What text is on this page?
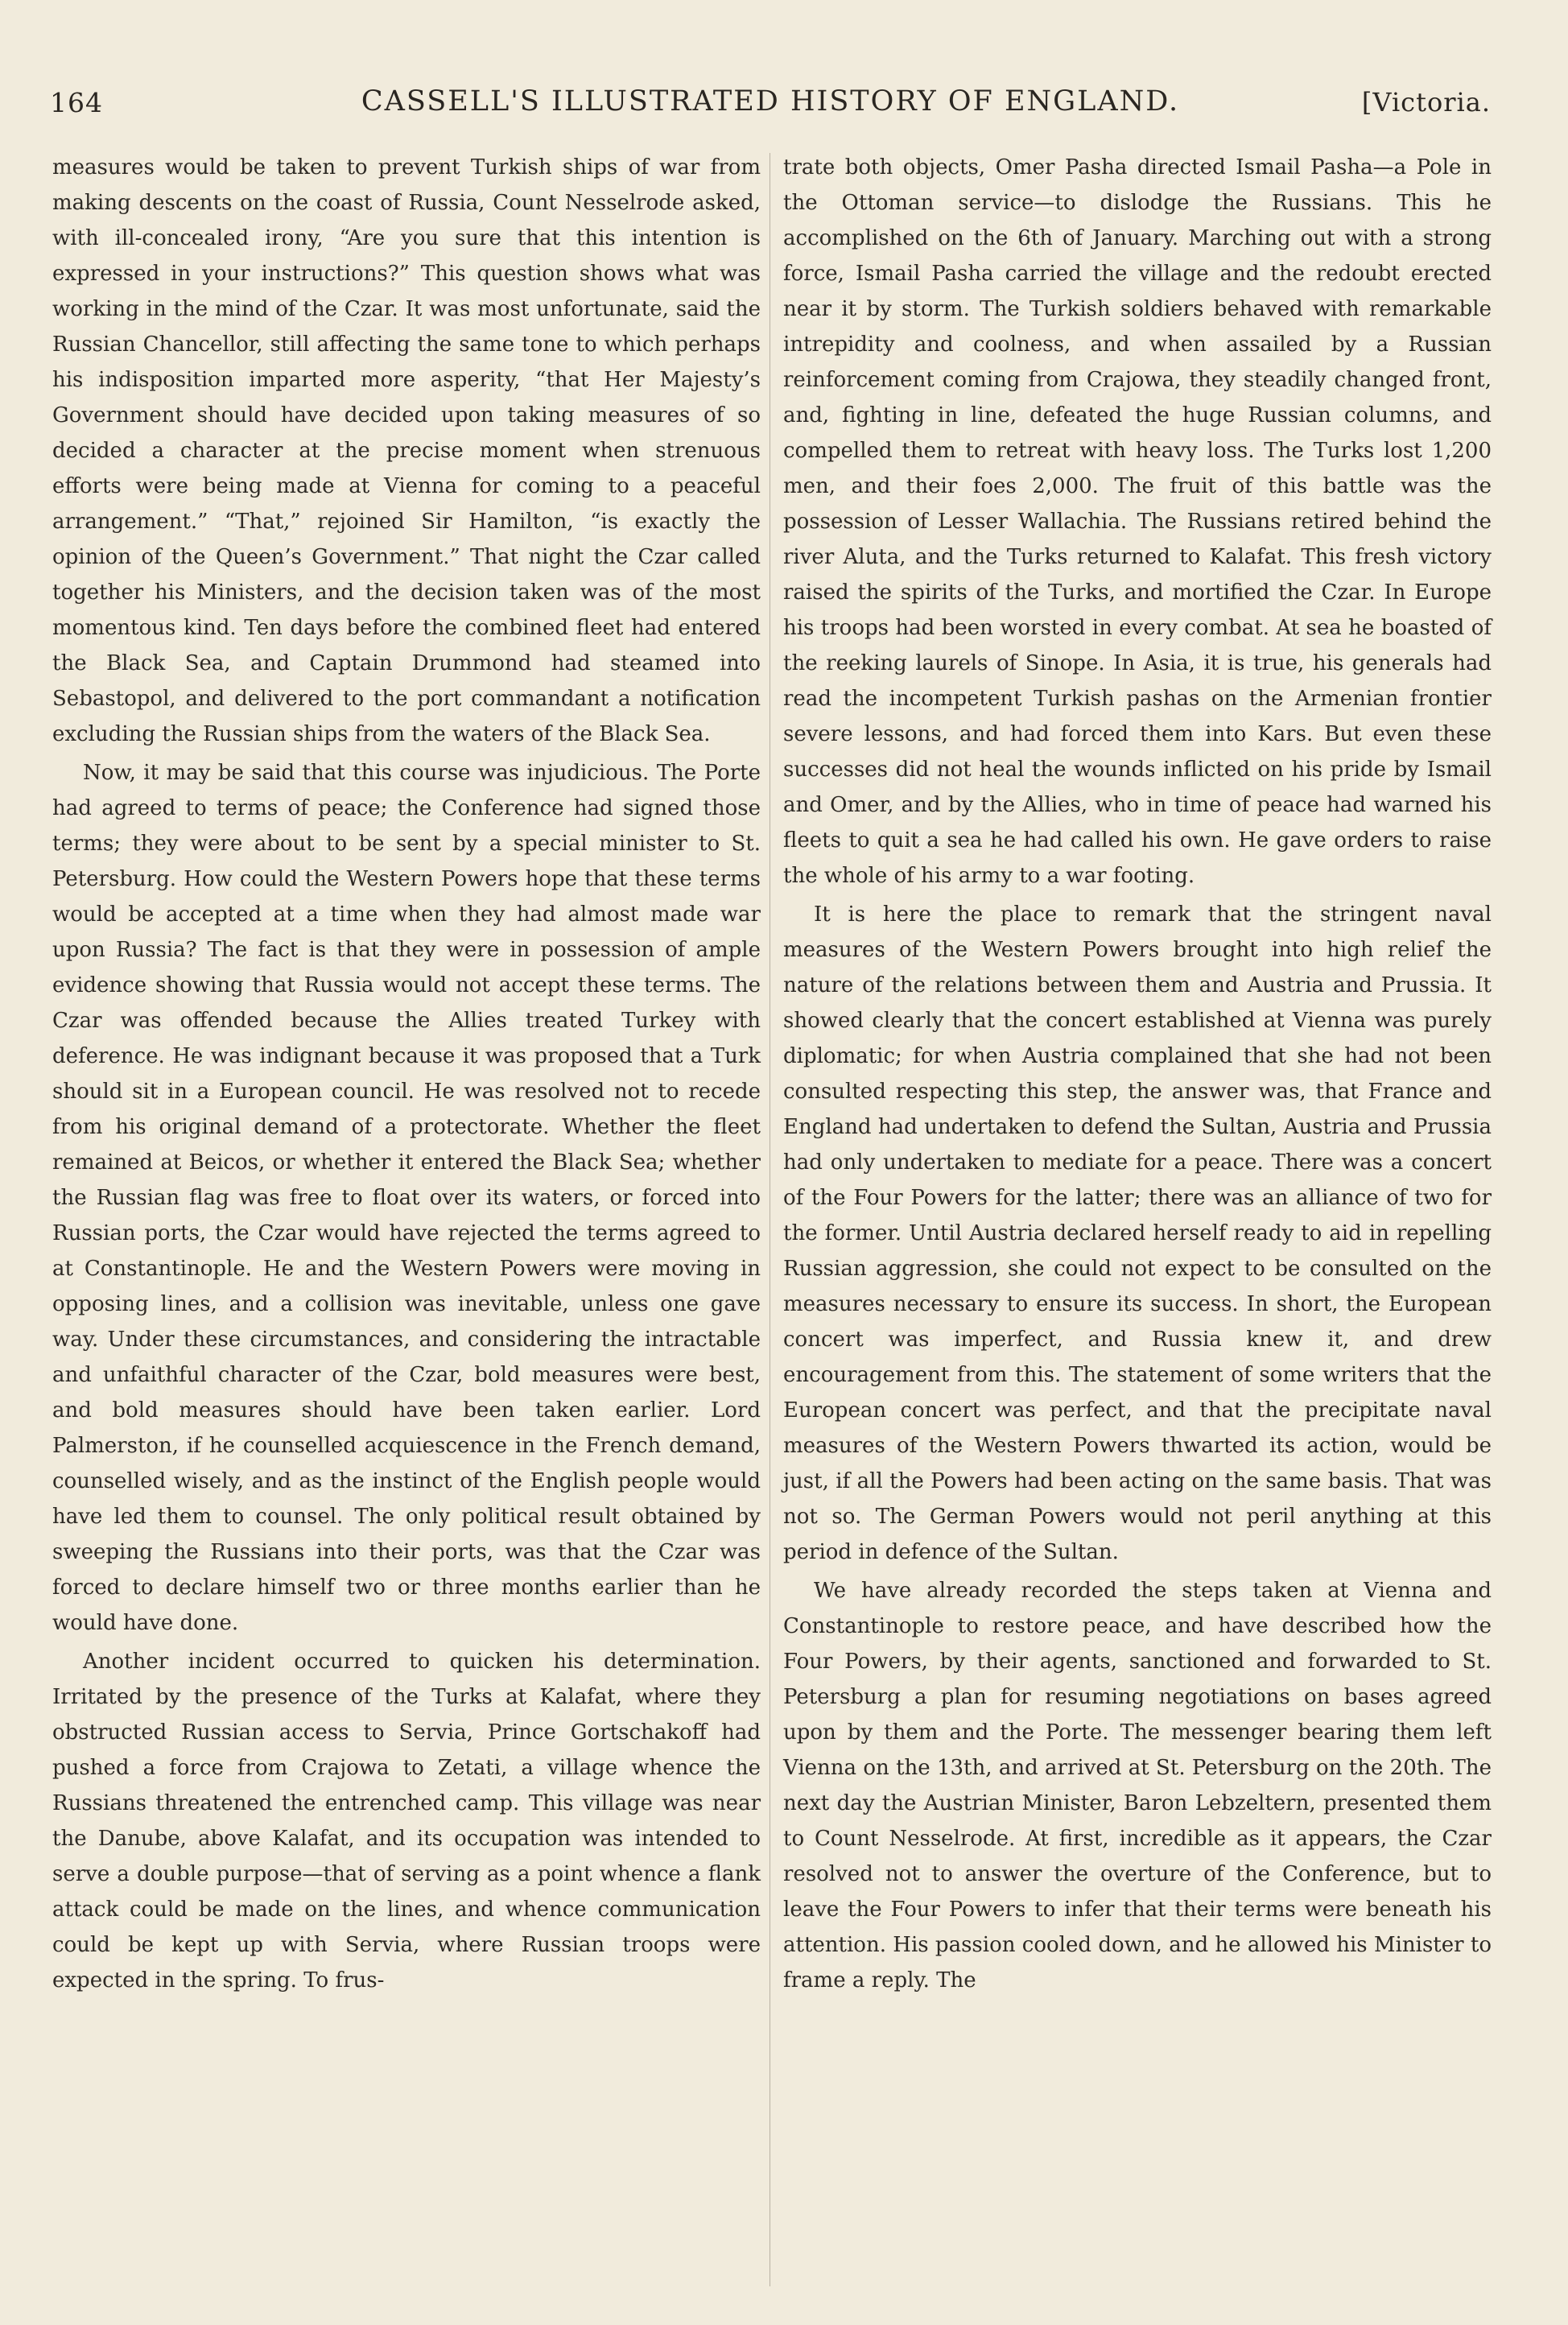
164	CASSELL'S ILLUSTRATED HISTORY OF ENGLAND.	[Victoria.

measures would be taken to prevent Turkish ships of war from making descents on the coast of Russia, Count Nesselrode asked, with ill-concealed irony, “Are you sure that this intention is expressed in your instructions?” This question shows what was working in the mind of the Czar. It was most unfortunate, said the Russian Chancellor, still affecting the same tone to which perhaps his indisposition imparted more asperity, “that Her Majesty’s Government should have decided upon taking measures of so decided a character at the precise moment when strenuous efforts were being made at Vienna for coming to a peaceful arrangement.” “That,” rejoined Sir Hamilton, “is exactly the opinion of the Queen’s Government.” That night the Czar called together his Ministers, and the decision taken was of the most momentous kind. Ten days before the combined fleet had entered the Black Sea, and Captain Drummond had steamed into Sebastopol, and delivered to the port commandant a notification excluding the Russian ships from the waters of the Black Sea.

Now, it may be said that this course was injudicious. The Porte had agreed to terms of peace; the Conference had signed those terms; they were about to be sent by a special minister to St. Petersburg. How could the Western Powers hope that these terms would be accepted at a time when they had almost made war upon Russia? The fact is that they were in possession of ample evidence showing that Russia would not accept these terms. The Czar was offended because the Allies treated Turkey with deference. He was indignant because it was proposed that a Turk should sit in a European council. He was resolved not to recede from his original demand of a protectorate. Whether the fleet remained at Beicos, or whether it entered the Black Sea; whether the Russian flag was free to float over its waters, or forced into Russian ports, the Czar would have rejected the terms agreed to at Constantinople. He and the Western Powers were moving in opposing lines, and a collision was inevitable, unless one gave way. Under these circumstances, and considering the intractable and unfaithful character of the Czar, bold measures were best, and bold measures should have been taken earlier. Lord Palmerston, if he counselled acquiescence in the French demand, counselled wisely, and as the instinct of the English people would have led them to counsel. The only political result obtained by sweeping the Russians into their ports, was that the Czar was forced to declare himself two or three months earlier than he would have done.

Another incident occurred to quicken his determination. Irritated by the presence of the Turks at Kalafat, where they obstructed Russian access to Servia, Prince Gortschakoff had pushed a force from Crajowa to Zetati, a village whence the Russians threatened the entrenched camp. This village was near the Danube, above Kalafat, and its occupation was intended to serve a double purpose—that of serving as a point whence a flank attack could be made on the lines, and whence communication could be kept up with Servia, where Russian troops were expected in the spring. To frus-

trate both objects, Omer Pasha directed Ismail Pasha—a Pole in the Ottoman service—to dislodge the Russians. This he accomplished on the 6th of January. Marching out with a strong force, Ismail Pasha carried the village and the redoubt erected near it by storm. The Turkish soldiers behaved with remarkable intrepidity and coolness, and when assailed by a Russian reinforcement coming from Crajowa, they steadily changed front, and, fighting in line, defeated the huge Russian columns, and compelled them to retreat with heavy loss. The Turks lost 1,200 men, and their foes 2,000. The fruit of this battle was the possession of Lesser Wallachia. The Russians retired behind the river Aluta, and the Turks returned to Kalafat. This fresh victory raised the spirits of the Turks, and mortified the Czar. In Europe his troops had been worsted in every combat. At sea he boasted of the reeking laurels of Sinope. In Asia, it is true, his generals had read the incompetent Turkish pashas on the Armenian frontier severe lessons, and had forced them into Kars. But even these successes did not heal the wounds inflicted on his pride by Ismail and Omer, and by the Allies, who in time of peace had warned his fleets to quit a sea he had called his own. He gave orders to raise the whole of his army to a war footing.

It is here the place to remark that the stringent naval measures of the Western Powers brought into high relief the nature of the relations between them and Austria and Prussia. It showed clearly that the concert established at Vienna was purely diplomatic; for when Austria complained that she had not been consulted respecting this step, the answer was, that France and England had undertaken to defend the Sultan, Austria and Prussia had only undertaken to mediate for a peace. There was a concert of the Four Powers for the latter; there was an alliance of two for the former. Until Austria declared herself ready to aid in repelling Russian aggression, she could not expect to be consulted on the measures necessary to ensure its success. In short, the European concert was imperfect, and Russia knew it, and drew encouragement from this. The statement of some writers that the European concert was perfect, and that the precipitate naval measures of the Western Powers thwarted its action, would be just, if all the Powers had been acting on the same basis. That was not so. The German Powers would not peril anything at this period in defence of the Sultan.

We have already recorded the steps taken at Vienna and Constantinople to restore peace, and have described how the Four Powers, by their agents, sanctioned and forwarded to St. Petersburg a plan for resuming negotiations on bases agreed upon by them and the Porte. The messenger bearing them left Vienna on the 13th, and arrived at St. Petersburg on the 20th. The next day the Austrian Minister, Baron Lebzeltern, presented them to Count Nesselrode. At first, incredible as it appears, the Czar resolved not to answer the overture of the Conference, but to leave the Four Powers to infer that their terms were beneath his attention. His passion cooled down, and he allowed his Minister to frame a reply. The
